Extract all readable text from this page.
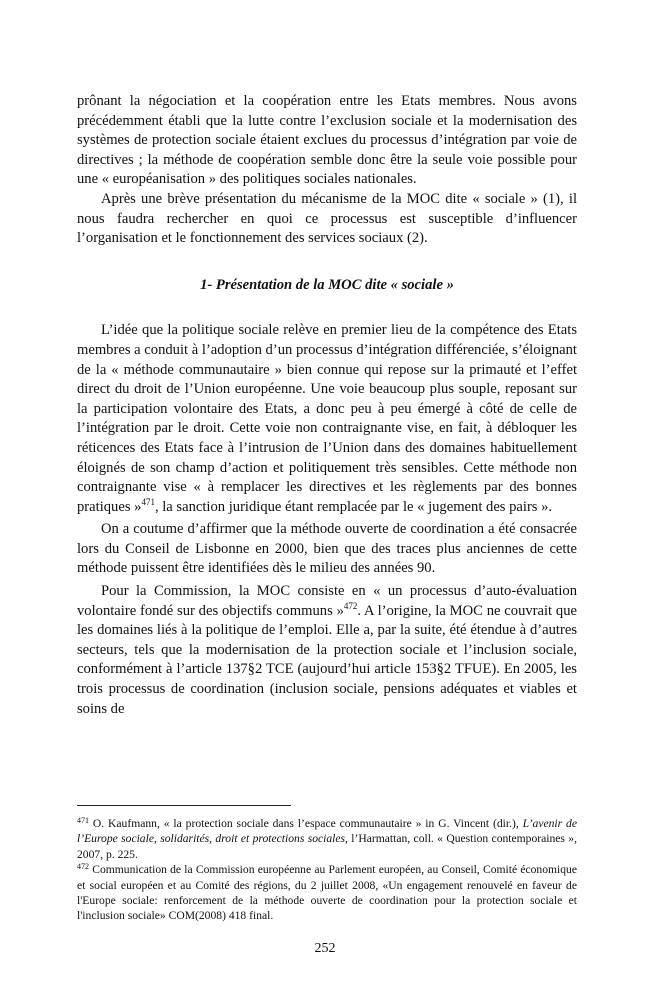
prônant la négociation et la coopération entre les Etats membres. Nous avons précédemment établi que la lutte contre l’exclusion sociale et la modernisation des systèmes de protection sociale étaient exclues du processus d’intégration par voie de directives ; la méthode de coopération semble donc être la seule voie possible pour une « européanisation » des politiques sociales nationales.

Après une brève présentation du mécanisme de la MOC dite « sociale » (1), il nous faudra rechercher en quoi ce processus est susceptible d’influencer l’organisation et le fonctionnement des services sociaux (2).

1- Présentation de la MOC dite « sociale »

L’idée que la politique sociale relève en premier lieu de la compétence des Etats membres a conduit à l’adoption d’un processus d’intégration différenciée, s’éloignant de la « méthode communautaire » bien connue qui repose sur la primauté et l’effet direct du droit de l’Union européenne. Une voie beaucoup plus souple, reposant sur la participation volontaire des Etats, a donc peu à peu émergé à côté de celle de l’intégration par le droit. Cette voie non contraignante vise, en fait, à débloquer les réticences des Etats face à l’intrusion de l’Union dans des domaines habituellement éloignés de son champ d’action et politiquement très sensibles. Cette méthode non contraignante vise « à remplacer les directives et les règlements par des bonnes pratiques »$^{471}$, la sanction juridique étant remplacée par le « jugement des pairs ».

On a coutume d’affirmer que la méthode ouverte de coordination a été consacrée lors du Conseil de Lisbonne en 2000, bien que des traces plus anciennes de cette méthode puissent être identifiées dès le milieu des années 90.

Pour la Commission, la MOC consiste en « un processus d’auto-évaluation volontaire fondé sur des objectifs communs »$^{472}$. A l’origine, la MOC ne couvrait que les domaines liés à la politique de l’emploi. Elle a, par la suite, été étendue à d’autres secteurs, tels que la modernisation de la protection sociale et l’inclusion sociale, conformément à l’article 137§2 TCE (aujourd’hui article 153§2 TFUE). En 2005, les trois processus de coordination (inclusion sociale, pensions adéquates et viables et soins de

$^{471}$ O. Kaufmann, « la protection sociale dans l’espace communautaire » in G. Vincent (dir.), L’avenir de l’Europe sociale, solidarités, droit et protections sociales, l’Harmattan, coll. « Question contemporaines », 2007, p. 225.

$^{472}$ Communication de la Commission européenne au Parlement européen, au Conseil, Comité économique et social européen et au Comité des régions, du 2 juillet 2008, «Un engagement renouvelé en faveur de l'Europe sociale: renforcement de la méthode ouverte de coordination pour la protection sociale et l'inclusion sociale» COM(2008) 418 final.

252
